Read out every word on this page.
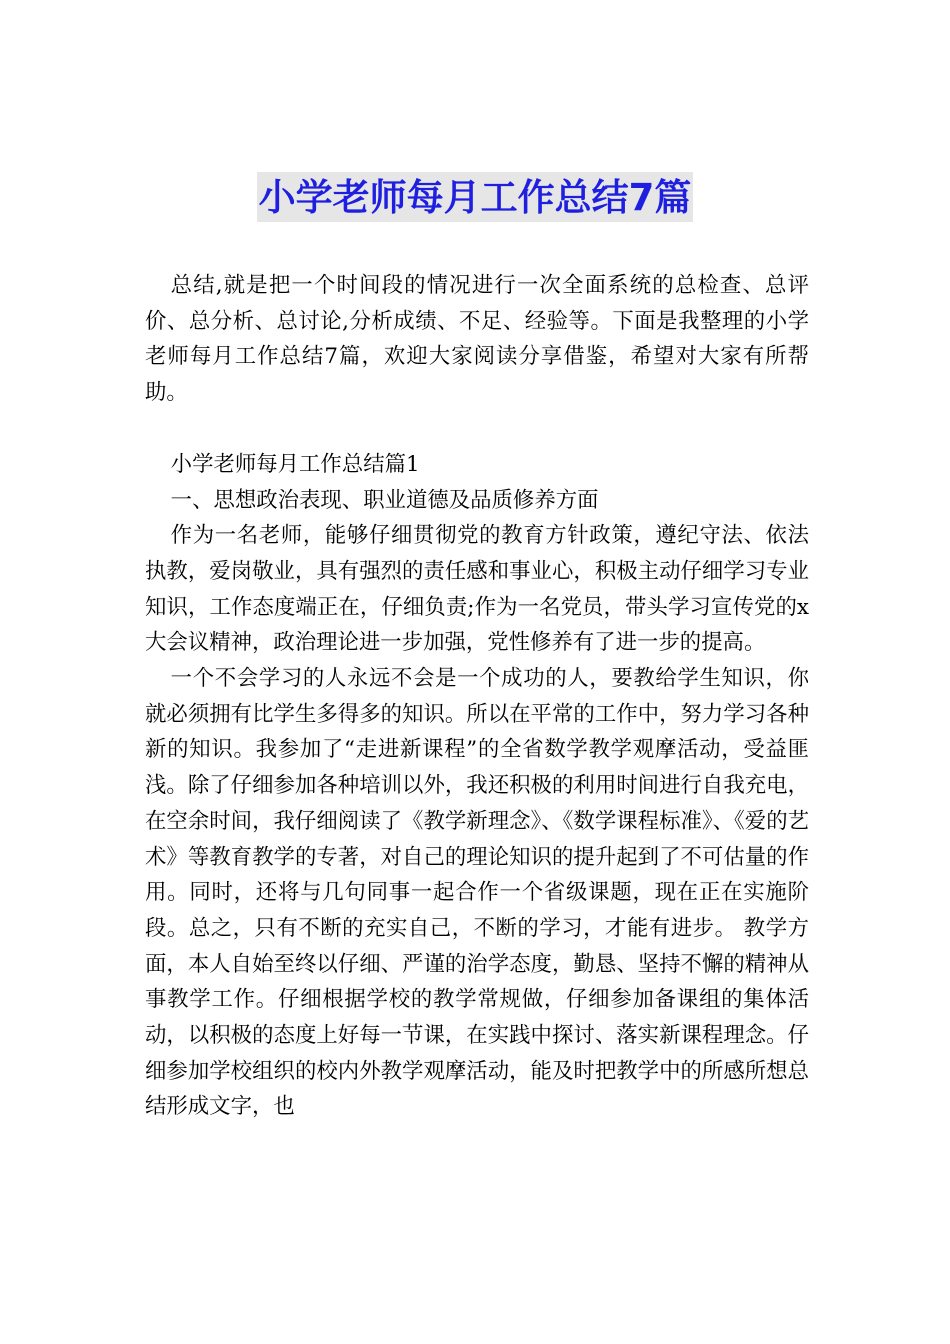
小学老师每月工作总结7篇

总结,就是把一个时间段的情况进行一次全面系统的总检查、总评价、总分析、总讨论,分析成绩、不足、经验等。下面是我整理的小学老师每月工作总结7篇，欢迎大家阅读分享借鉴，希望对大家有所帮助。

小学老师每月工作总结篇1

一、思想政治表现、职业道德及品质修养方面

作为一名老师，能够仔细贯彻党的教育方针政策，遵纪守法、依法执教，爱岗敬业，具有强烈的责任感和事业心，积极主动仔细学习专业知识，工作态度端正在，仔细负责;作为一名党员，带头学习宣传党的x大会议精神，政治理论进一步加强，党性修养有了进一步的提高。

一个不会学习的人永远不会是一个成功的人，要教给学生知识，你就必须拥有比学生多得多的知识。所以在平常的工作中，努力学习各种新的知识。我参加了“走进新课程”的全省数学教学观摩活动，受益匪浅。除了仔细参加各种培训以外，我还积极的利用时间进行自我充电，在空余时间，我仔细阅读了《教学新理念》、《数学课程标准》、《爱的艺术》等教育教学的专著，对自己的理论知识的提升起到了不可估量的作用。同时，还将与几句同事一起合作一个省级课题，现在正在实施阶段。总之，只有不断的充实自己，不断的学习，才能有进步。 教学方面，本人自始至终以仔细、严谨的治学态度，勤恳、坚持不懈的精神从事教学工作。仔细根据学校的教学常规做，仔细参加备课组的集体活动，以积极的态度上好每一节课，在实践中探讨、落实新课程理念。仔细参加学校组织的校内外教学观摩活动，能及时把教学中的所感所想总结形成文字，也
